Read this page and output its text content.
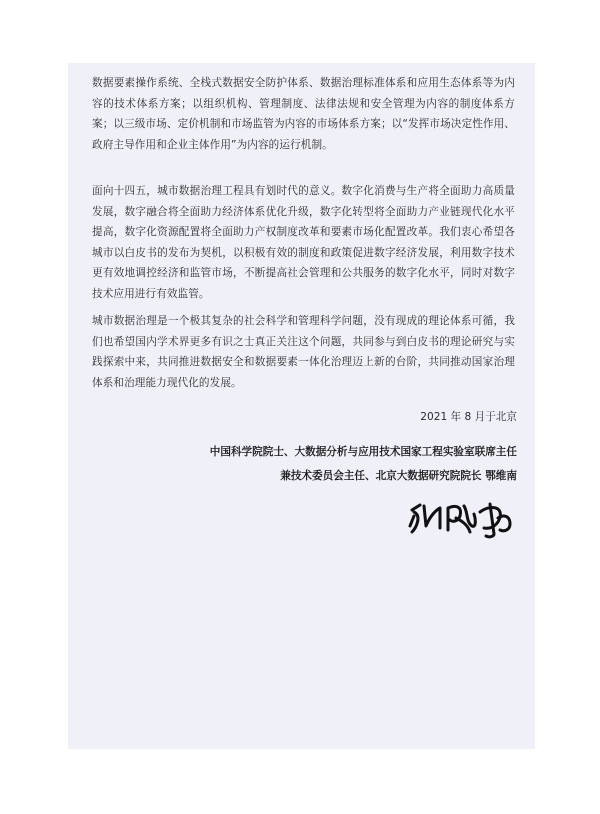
数据要素操作系统、全栈式数据安全防护体系、数据治理标准体系和应用生态体系等为内容的技术体系方案；以组织机构、管理制度、法律法规和安全管理为内容的制度体系方案；以三级市场、定价机制和市场监管为内容的市场体系方案；以“发挥市场决定性作用、政府主导作用和企业主体作用”为内容的运行机制。

面向十四五，城市数据治理工程具有划时代的意义。数字化消费与生产将全面助力高质量发展，数字融合将全面助力经济体系优化升级，数字化转型将全面助力产业链现代化水平提高，数字化资源配置将全面助力产权制度改革和要素市场化配置改革。我们衷心希望各城市以白皮书的发布为契机，以积极有效的制度和政策促进数字经济发展，利用数字技术更有效地调控经济和监管市场，不断提高社会管理和公共服务的数字化水平，同时对数字技术应用进行有效监管。

城市数据治理是一个极其复杂的社会科学和管理科学问题，没有现成的理论体系可循，我们也希望国内学术界更多有识之士真正关注这个问题，共同参与到白皮书的理论研究与实践探索中来，共同推进数据安全和数据要素一体化治理迈上新的台阶，共同推动国家治理体系和治理能力现代化的发展。

2021 年 8 月于北京
中国科学院院士、大数据分析与应用技术国家工程实验室联席主任
兼技术委员会主任、北京大数据研究院院长 鄂维南
